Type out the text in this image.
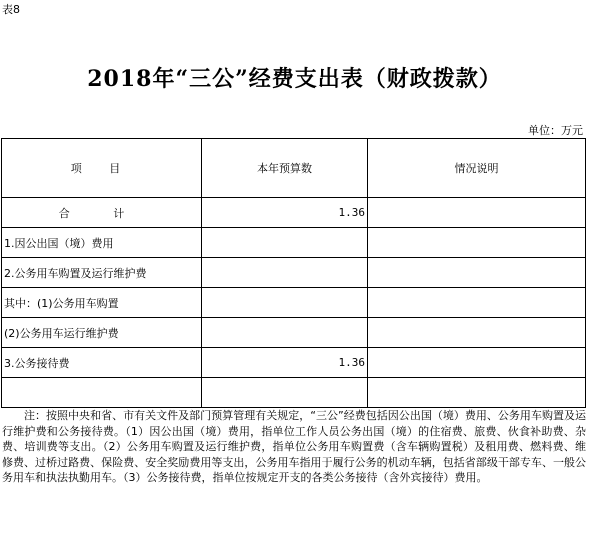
表8
2018年“三公”经费支出表（财政拨款）
单位：万元
项 目	本年预算数	情况说明
合 计	1.36	
1.因公出国（境）费用		
2.公务用车购置及运行维护费		
其中：(1)公务用车购置		
(2)公务用车运行维护费		
3.公务接待费	1.36	

注：按照中央和省、市有关文件及部门预算管理有关规定，“三公”经费包括因公出国（境）费用、公务用车购置及运行维护费和公务接待费。（1）因公出国（境）费用，指单位工作人员公务出国（境）的住宿费、旅费、伙食补助费、杂费、培训费等支出。（2）公务用车购置及运行维护费，指单位公务用车购置费（含车辆购置税）及租用费、燃料费、维修费、过桥过路费、保险费、安全奖励费用等支出，公务用车指用于履行公务的机动车辆，包括省部级干部专车、一般公务用车和执法执勤用车。（3）公务接待费，指单位按规定开支的各类公务接待（含外宾接待）费用。
